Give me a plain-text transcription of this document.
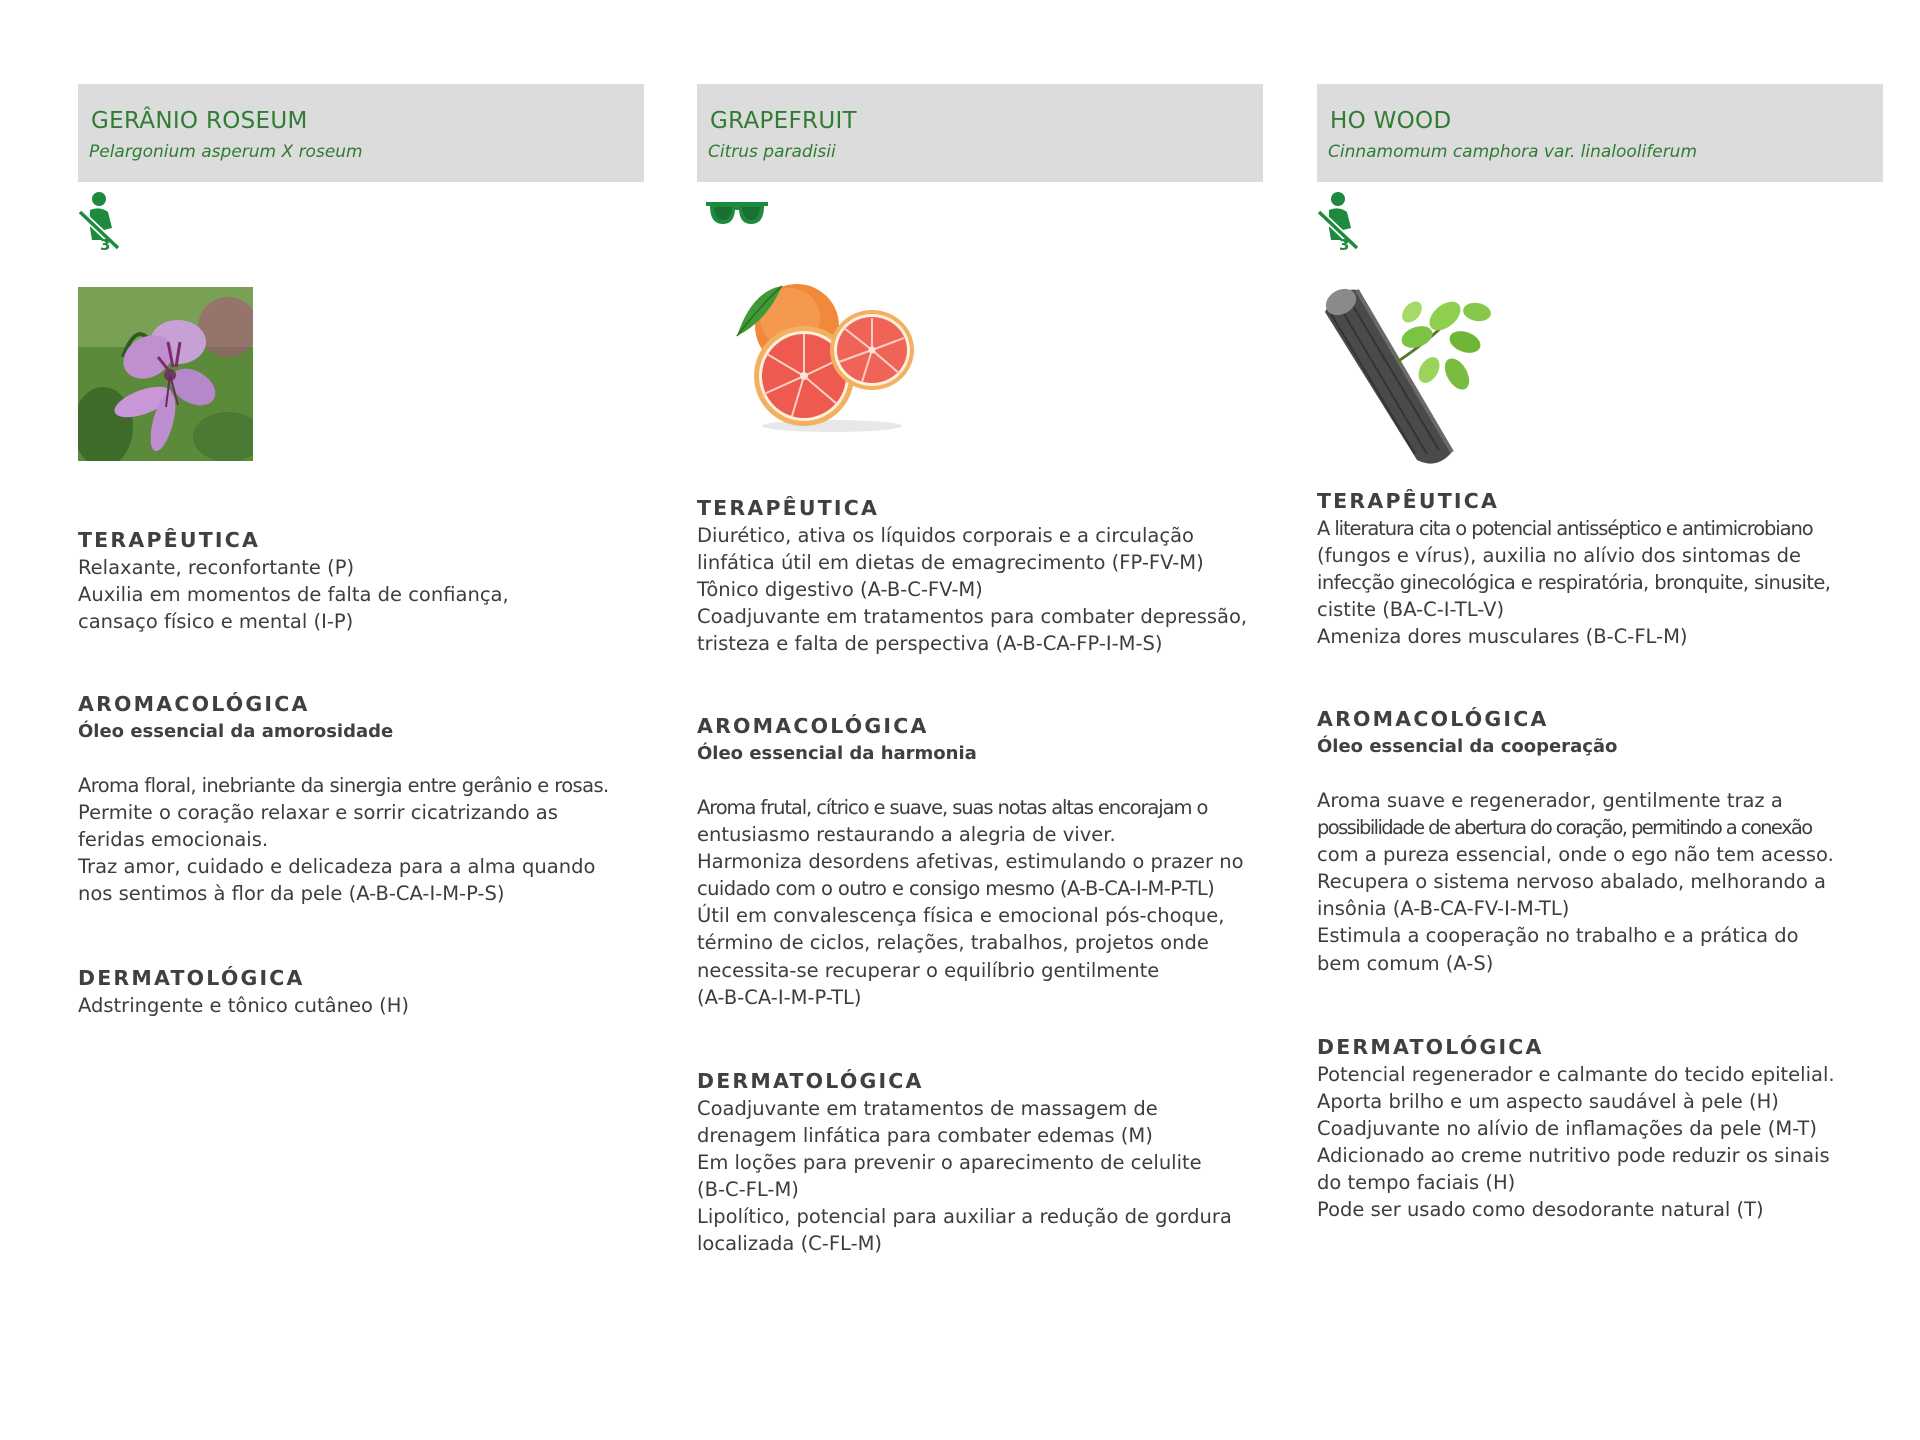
GERÂNIO ROSEUM
Pelargonium asperum X roseum
3
TERAPÊUTICA
Relaxante, reconfortante (P)
Auxilia em momentos de falta de confiança,
cansaço físico e mental (I-P)
AROMACOLÓGICA
Óleo essencial da amorosidade
Aroma floral, inebriante da sinergia entre gerânio e rosas.
Permite o coração relaxar e sorrir cicatrizando as
feridas emocionais.
Traz amor, cuidado e delicadeza para a alma quando
nos sentimos à flor da pele (A-B-CA-I-M-P-S)
DERMATOLÓGICA
Adstringente e tônico cutâneo (H)
GRAPEFRUIT
Citrus paradisii
TERAPÊUTICA
Diurético, ativa os líquidos corporais e a circulação
linfática útil em dietas de emagrecimento (FP-FV-M)
Tônico digestivo (A-B-C-FV-M)
Coadjuvante em tratamentos para combater depressão,
tristeza e falta de perspectiva (A-B-CA-FP-I-M-S)
AROMACOLÓGICA
Óleo essencial da harmonia
Aroma frutal, cítrico e suave, suas notas altas encorajam o
entusiasmo restaurando a alegria de viver.
Harmoniza desordens afetivas, estimulando o prazer no
cuidado com o outro e consigo mesmo (A-B-CA-I-M-P-TL)
Útil em convalescença física e emocional pós-choque,
término de ciclos, relações, trabalhos, projetos onde
necessita-se recuperar o equilíbrio gentilmente
(A-B-CA-I-M-P-TL)
DERMATOLÓGICA
Coadjuvante em tratamentos de massagem de
drenagem linfática para combater edemas (M)
Em loções para prevenir o aparecimento de celulite
(B-C-FL-M)
Lipolítico, potencial para auxiliar a redução de gordura
localizada (C-FL-M)
HO WOOD
Cinnamomum camphora var. linalooliferum
3
TERAPÊUTICA
A literatura cita o potencial antisséptico e antimicrobiano
(fungos e vírus), auxilia no alívio dos sintomas de
infecção ginecológica e respiratória, bronquite, sinusite,
cistite (BA-C-I-TL-V)
Ameniza dores musculares (B-C-FL-M)
AROMACOLÓGICA
Óleo essencial da cooperação
Aroma suave e regenerador, gentilmente traz a
possibilidade de abertura do coração, permitindo a conexão
com a pureza essencial, onde o ego não tem acesso.
Recupera o sistema nervoso abalado, melhorando a
insônia (A-B-CA-FV-I-M-TL)
Estimula a cooperação no trabalho e a prática do
bem comum (A-S)
DERMATOLÓGICA
Potencial regenerador e calmante do tecido epitelial.
Aporta brilho e um aspecto saudável à pele (H)
Coadjuvante no alívio de inflamações da pele (M-T)
Adicionado ao creme nutritivo pode reduzir os sinais
do tempo faciais (H)
Pode ser usado como desodorante natural (T)
